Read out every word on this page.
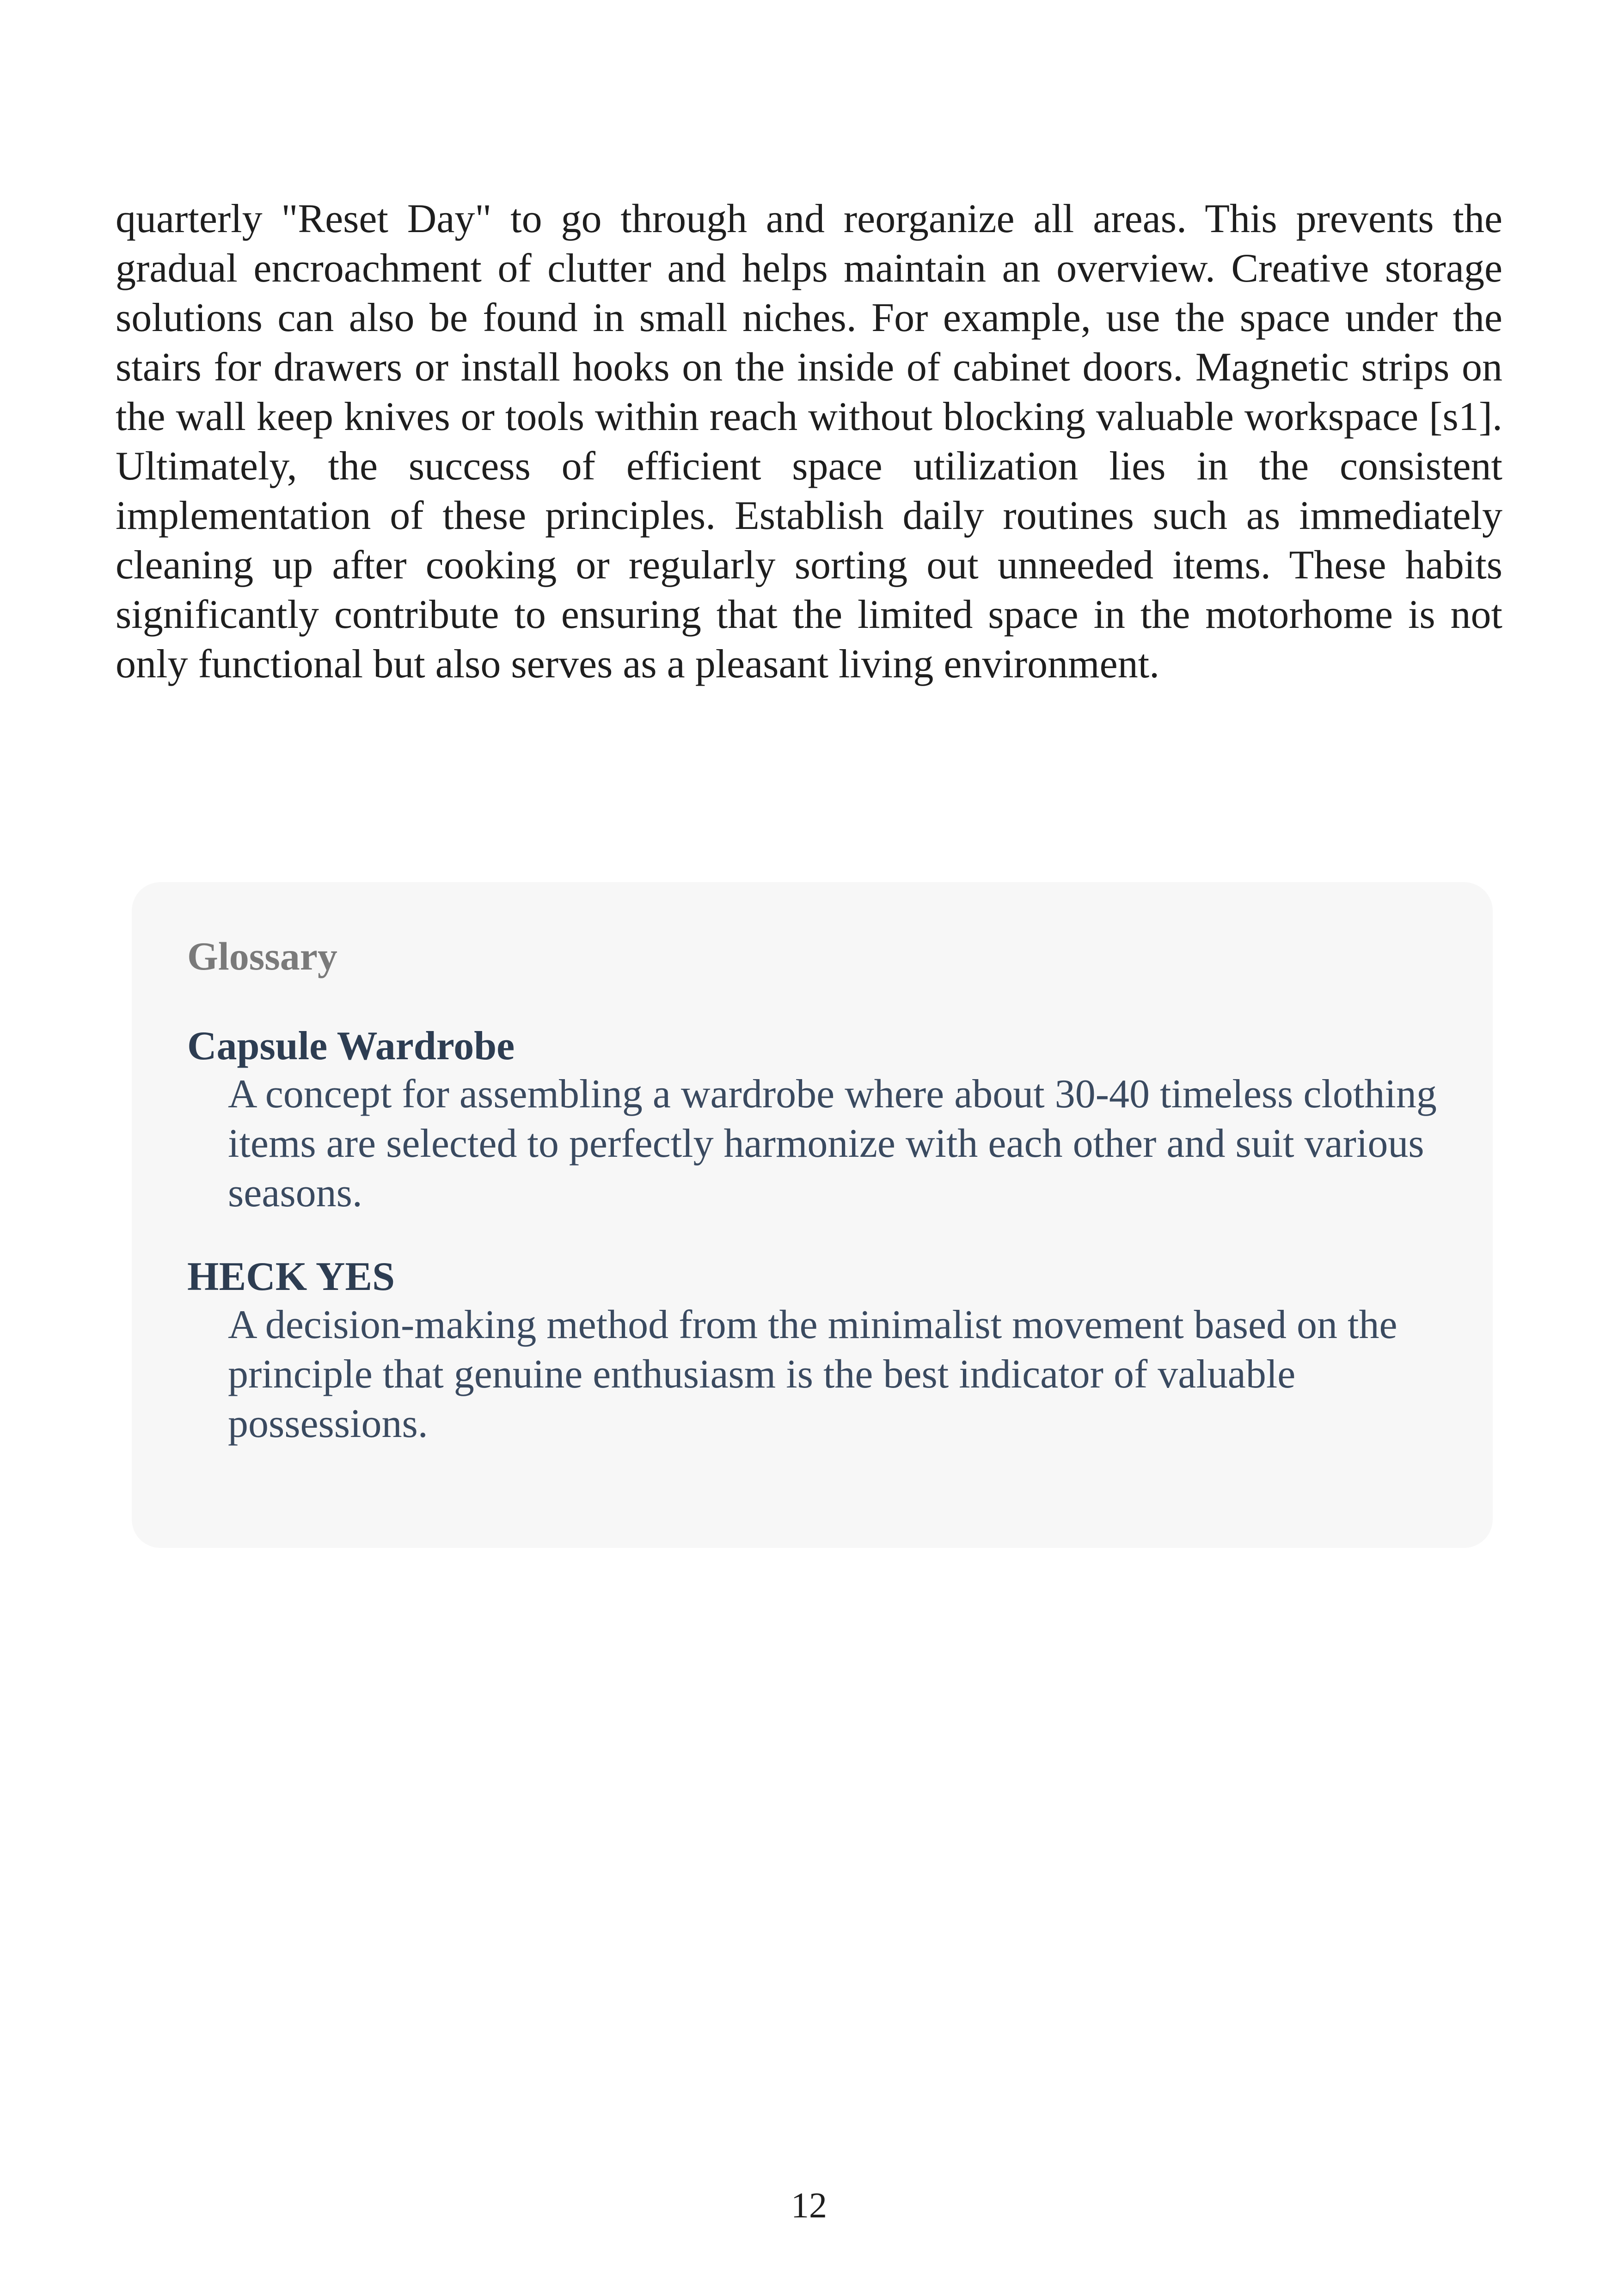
quarterly "Reset Day" to go through and reorganize all areas. This prevents the gradual encroachment of clutter and helps maintain an overview. Creative storage solutions can also be found in small niches. For example, use the space under the stairs for drawers or install hooks on the inside of cabinet doors. Magnetic strips on the wall keep knives or tools within reach without blocking valuable workspace [s1]. Ultimately, the success of efficient space utilization lies in the consistent implementation of these principles. Establish daily routines such as immediately cleaning up after cooking or regularly sorting out unneeded items. These habits significantly contribute to ensuring that the limited space in the motorhome is not only functional but also serves as a pleasant living environment.

Glossary

Capsule Wardrobe

A concept for assembling a wardrobe where about 30-40 timeless clothing items are selected to perfectly harmonize with each other and suit various seasons.

HECK YES

A decision-making method from the minimalist movement based on the principle that genuine enthusiasm is the best indicator of valuable possessions.

12
